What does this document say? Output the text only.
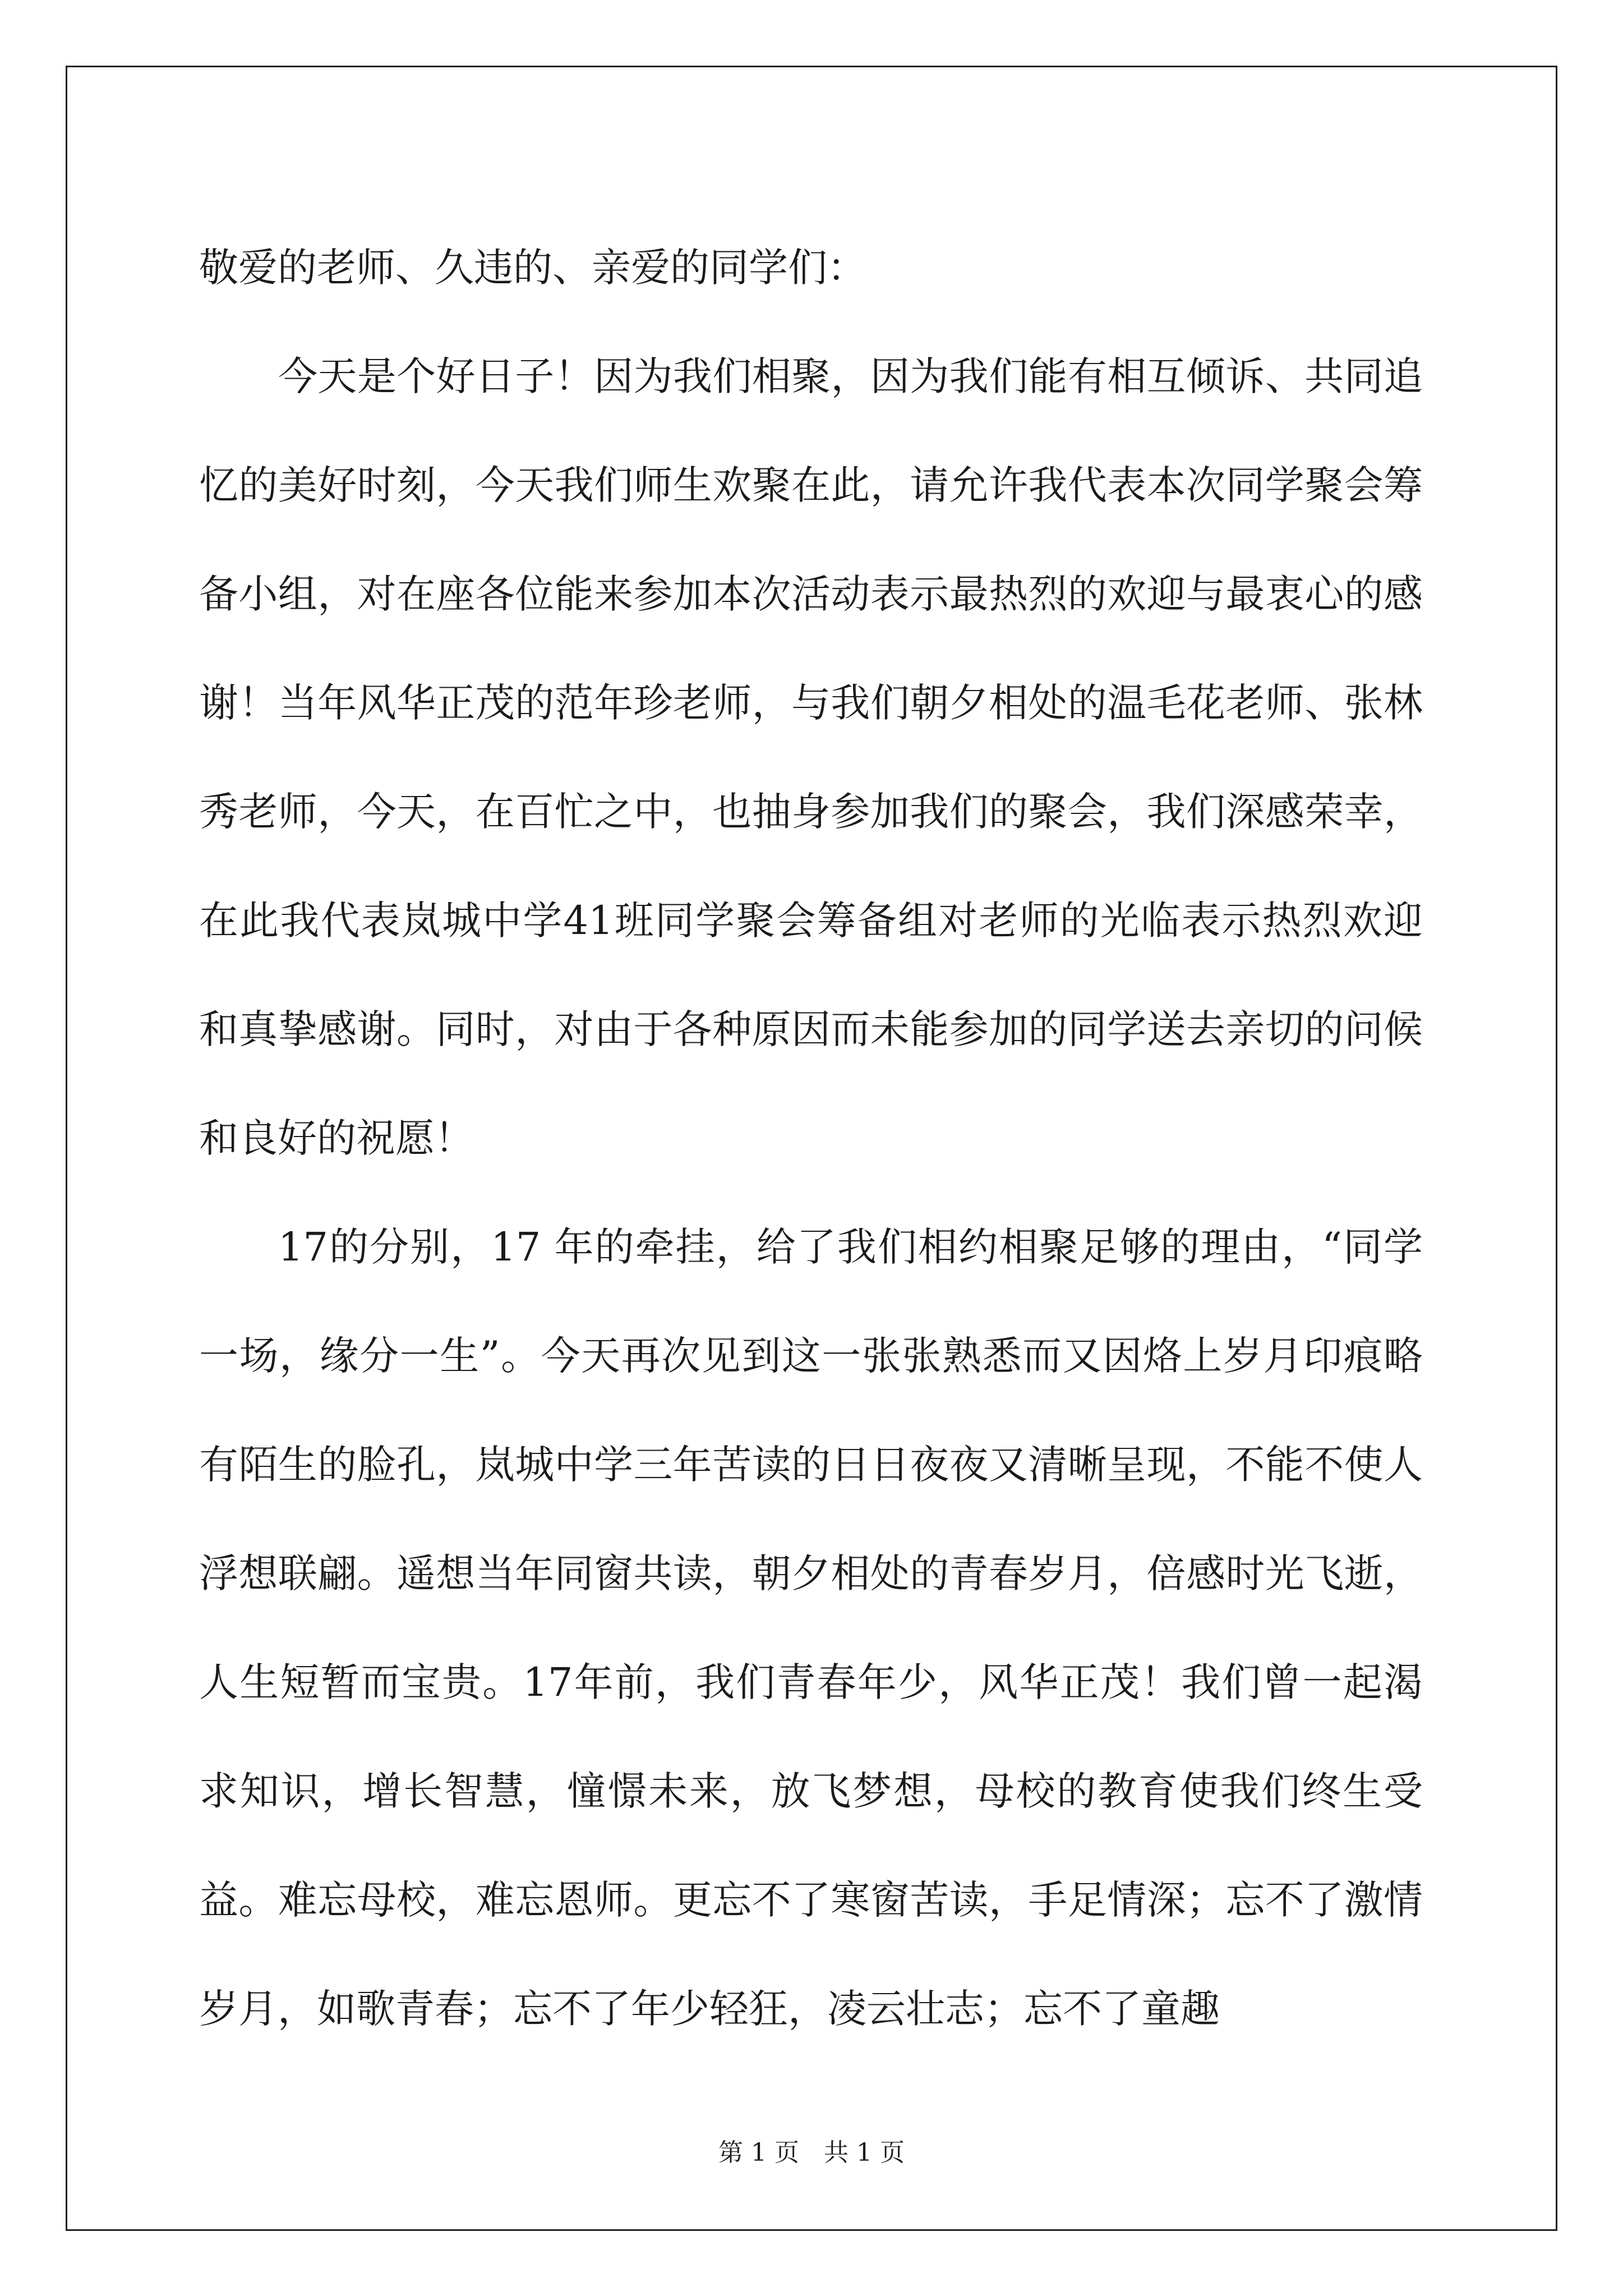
敬爱的老师、久违的、亲爱的同学们：

今天是个好日子！因为我们相聚，因为我们能有相互倾诉、共同追忆的美好时刻，今天我们师生欢聚在此，请允许我代表本次同学聚会筹备小组，对在座各位能来参加本次活动表示最热烈的欢迎与最衷心的感谢！当年风华正茂的范年珍老师，与我们朝夕相处的温毛花老师、张林秀老师，今天，在百忙之中，也抽身参加我们的聚会，我们深感荣幸，在此我代表岚城中学41班同学聚会筹备组对老师的光临表示热烈欢迎和真挚感谢。同时，对由于各种原因而未能参加的同学送去亲切的问候和良好的祝愿！

17的分别，17 年的牵挂，给了我们相约相聚足够的理由，“同学一场，缘分一生”。今天再次见到这一张张熟悉而又因烙上岁月印痕略有陌生的脸孔，岚城中学三年苦读的日日夜夜又清晰呈现，不能不使人浮想联翩。遥想当年同窗共读，朝夕相处的青春岁月，倍感时光飞逝，人生短暂而宝贵。17年前，我们青春年少，风华正茂！我们曾一起渴求知识，增长智慧，憧憬未来，放飞梦想，母校的教育使我们终生受益。难忘母校，难忘恩师。更忘不了寒窗苦读，手足情深；忘不了激情岁月，如歌青春；忘不了年少轻狂，凌云壮志；忘不了童趣

第 1 页　共 1 页
